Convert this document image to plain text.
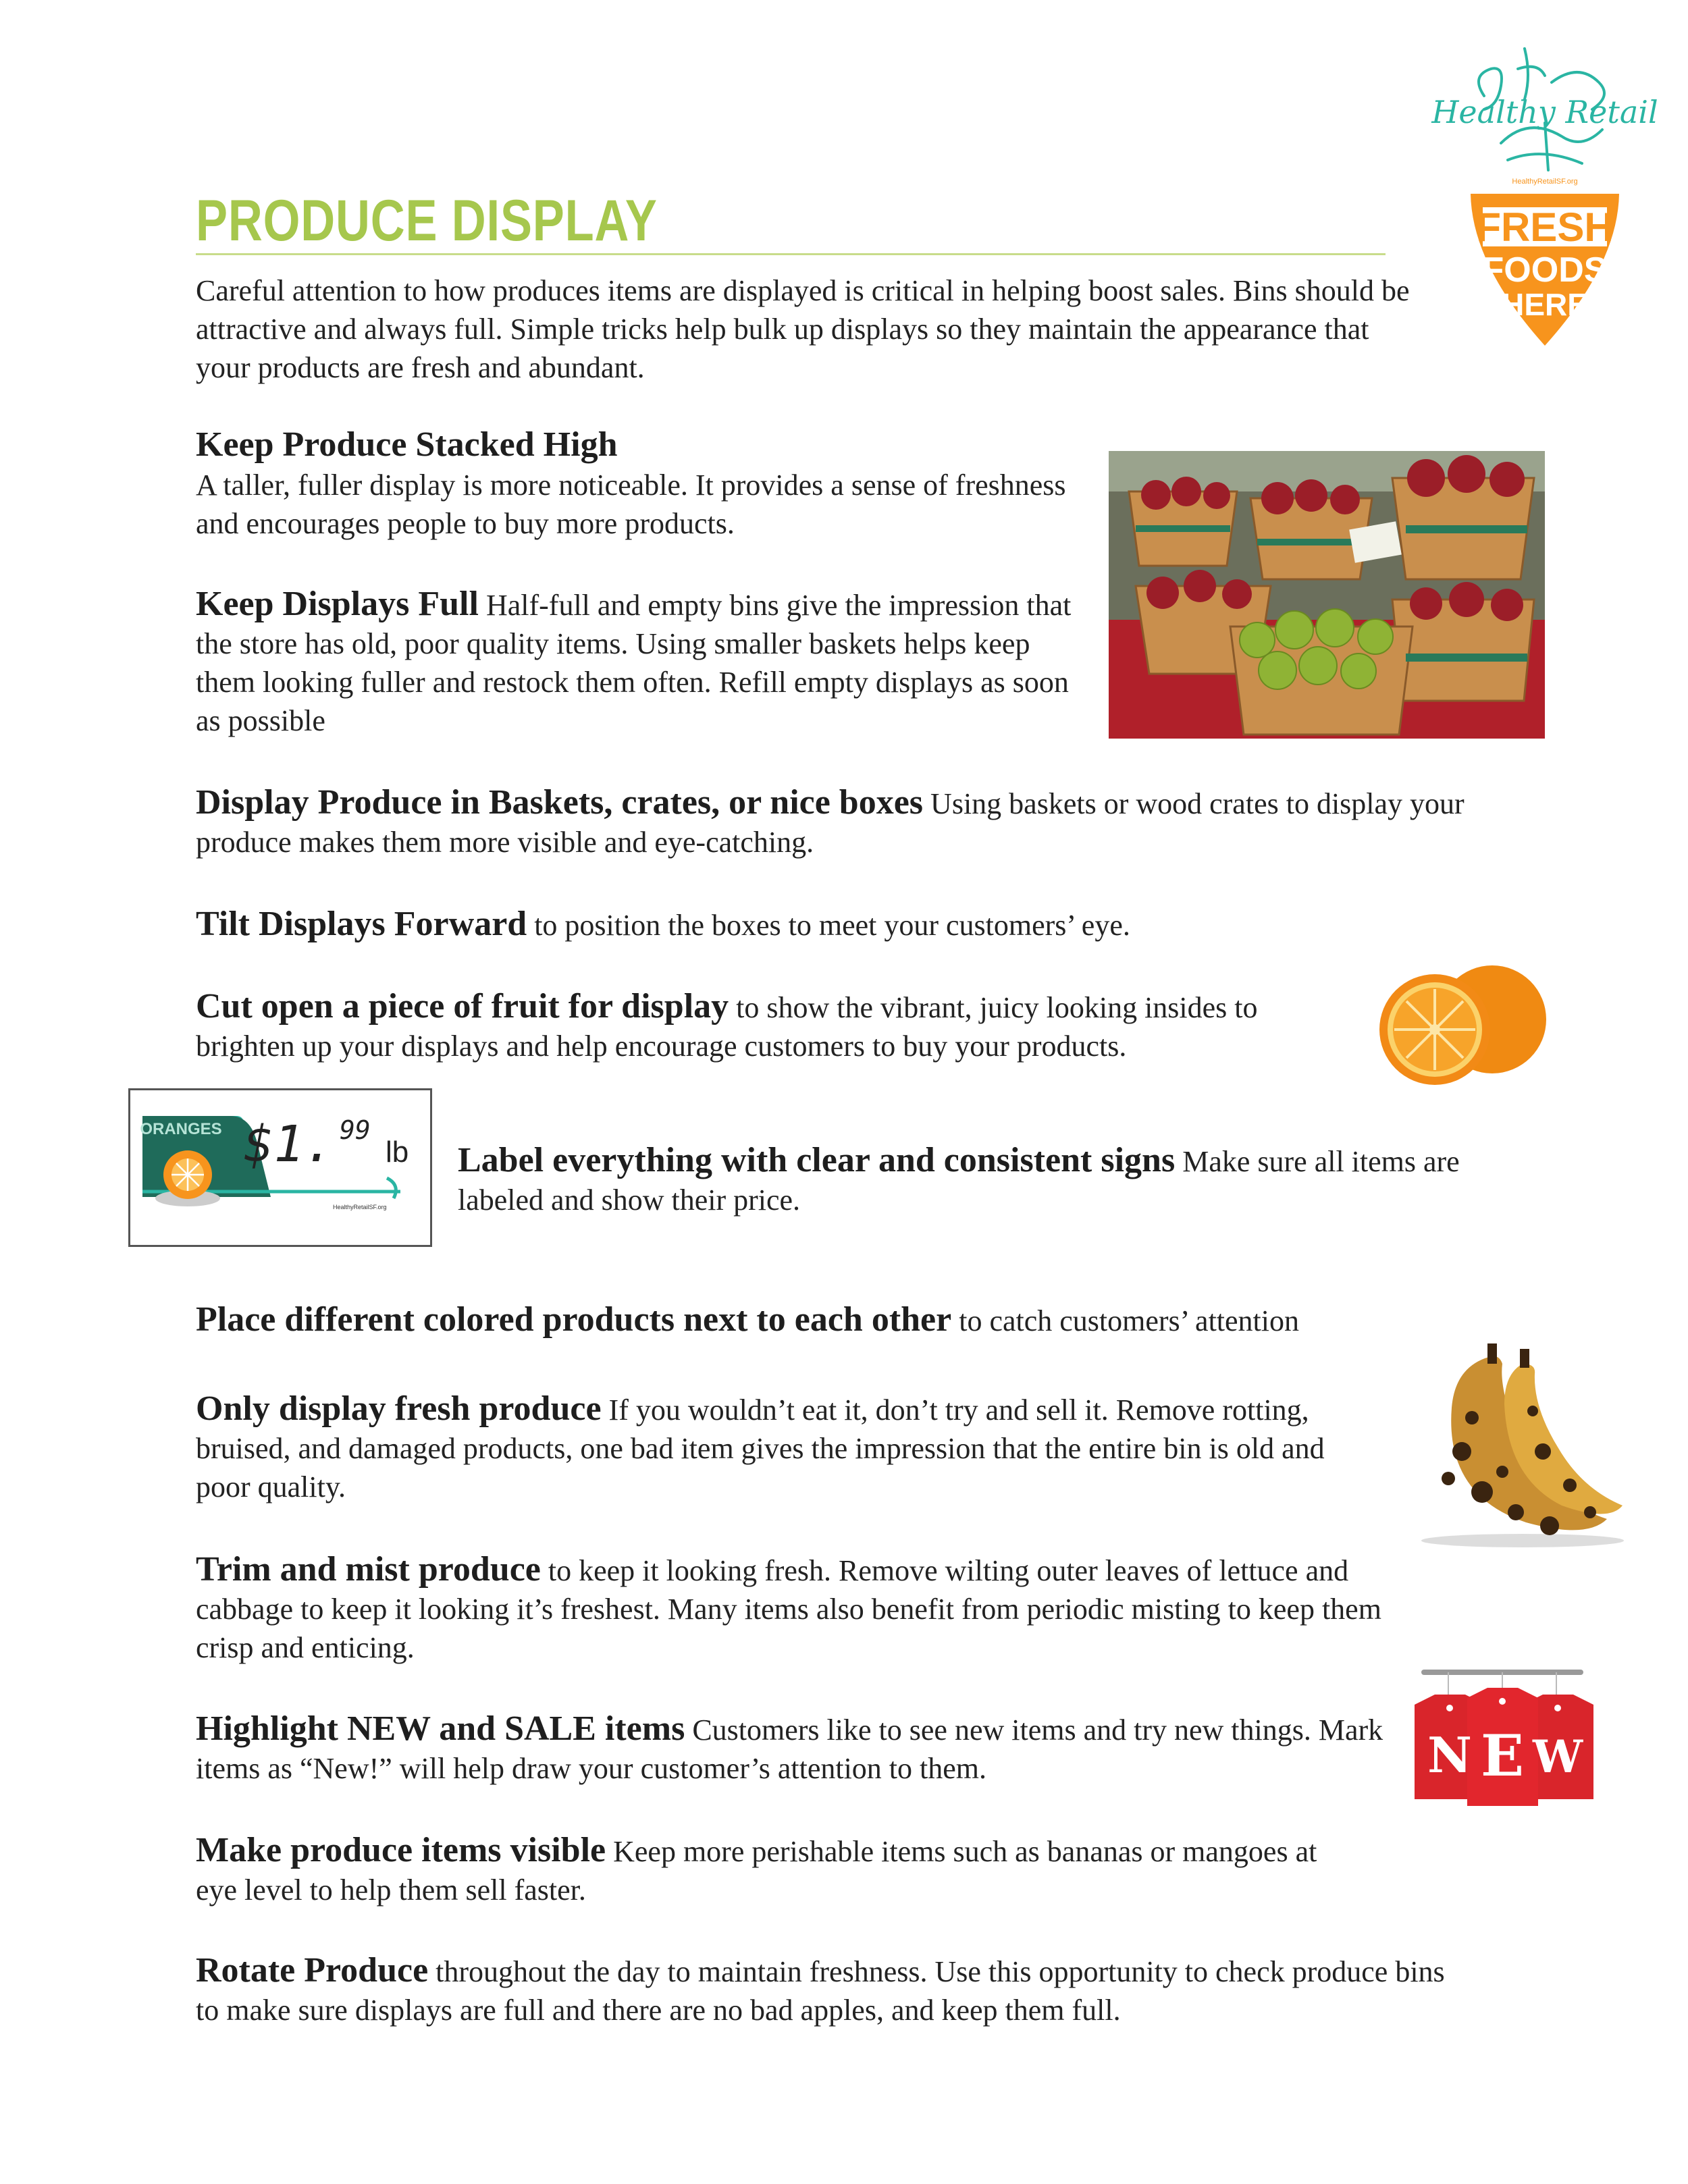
PRODUCE DISPLAY
Healthy Retail
HealthyRetailSF.org
FRESH
FOODS
HERE

Careful attention to how produces items are displayed is critical in helping boost sales. Bins should be attractive and always full. Simple tricks help bulk up displays so they maintain the appearance that your products are fresh and abundant.

Keep Produce Stacked High

A taller, fuller display is more noticeable. It provides a sense of freshness and encourages people to buy more products.

Keep Displays Full Half-full and empty bins give the impression that the store has old, poor quality items. Using smaller baskets helps keep them looking fuller and restock them often. Refill empty displays as soon as possible

Display Produce in Baskets, crates, or nice boxes Using baskets or wood crates to display your produce makes them more visible and eye-catching.

Tilt Displays Forward to position the boxes to meet your customers’ eye.

Cut open a piece of fruit for display to show the vibrant, juicy looking insides to brighten up your displays and help encourage customers to buy your products.

ORANGES $1. 99
lb
HealthyRetailSF.org

Label everything with clear and consistent signs Make sure all items are labeled and show their price.

Place different colored products next to each other to catch customers’ attention

Only display fresh produce If you wouldn’t eat it, don’t try and sell it. Remove rotting, bruised, and damaged products, one bad item gives the impression that the entire bin is old and poor quality.

Trim and mist produce to keep it looking fresh. Remove wilting outer leaves of lettuce and cabbage to keep it looking it’s freshest. Many items also benefit from periodic misting to keep them crisp and enticing.

Highlight NEW and SALE items Customers like to see new items and try new things. Mark items as “New!” will help draw your customer’s attention to them.	N E W

Make produce items visible Keep more perishable items such as bananas or mangoes at eye level to help them sell faster.

Rotate Produce throughout the day to maintain freshness. Use this opportunity to check produce bins to make sure displays are full and there are no bad apples, and keep them full.
